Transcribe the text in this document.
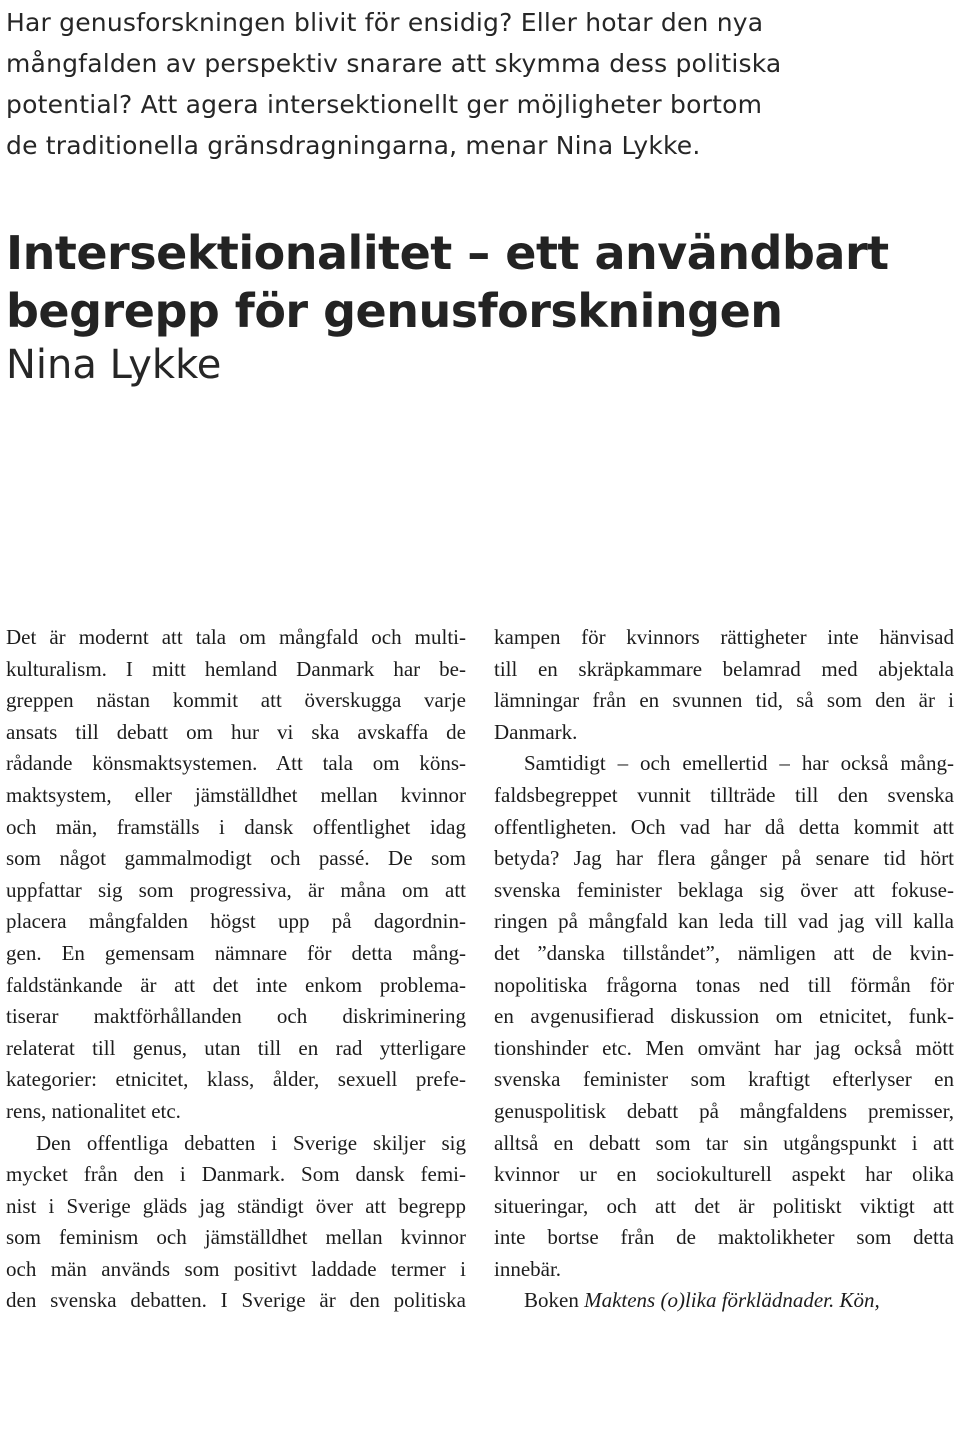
Har genusforskningen blivit för ensidig? Eller hotar den nya
mångfalden av perspektiv snarare att skymma dess politiska
potential? Att agera intersektionellt ger möjligheter bortom
de traditionella gränsdragningarna, menar Nina Lykke.

Intersektionalitet – ett användbart
begrepp för genusforskningen
Nina Lykke
Det är modernt att tala om mångfald och multi-
kulturalism. I mitt hemland Danmark har be-
greppen nästan kommit att överskugga varje
ansats till debatt om hur vi ska avskaffa de
rådande könsmaktsystemen. Att tala om köns-
maktsystem, eller jämställdhet mellan kvinnor
och män, framställs i dansk offentlighet idag
som något gammalmodigt och passé. De som
uppfattar sig som progressiva, är måna om att
placera mångfalden högst upp på dagordnin-
gen. En gemensam nämnare för detta mång-
faldstänkande är att det inte enkom problema-
tiserar maktförhållanden och diskriminering
relaterat till genus, utan till en rad ytterligare
kategorier: etnicitet, klass, ålder, sexuell prefe-
rens, nationalitet etc.
Den offentliga debatten i Sverige skiljer sig
mycket från den i Danmark. Som dansk femi-
nist i Sverige gläds jag ständigt över att begrepp
som feminism och jämställdhet mellan kvinnor
och män används som positivt laddade termer i
den svenska debatten. I Sverige är den politiska
kampen för kvinnors rättigheter inte hänvisad
till en skräpkammare belamrad med abjektala
lämningar från en svunnen tid, så som den är i
Danmark.
Samtidigt – och emellertid – har också mång-
faldsbegreppet vunnit tillträde till den svenska
offentligheten. Och vad har då detta kommit att
betyda? Jag har flera gånger på senare tid hört
svenska feminister beklaga sig över att fokuse-
ringen på mångfald kan leda till vad jag vill kalla
det ”danska tillståndet”, nämligen att de kvin-
nopolitiska frågorna tonas ned till förmån för
en avgenusifierad diskussion om etnicitet, funk-
tionshinder etc. Men omvänt har jag också mött
svenska feminister som kraftigt efterlyser en
genuspolitisk debatt på mångfaldens premisser,
alltså en debatt som tar sin utgångspunkt i att
kvinnor ur en sociokulturell aspekt har olika
situeringar, och att det är politiskt viktigt att
inte bortse från de maktolikheter som detta
innebär.
Boken Maktens (o)lika förklädnader. Kön,
